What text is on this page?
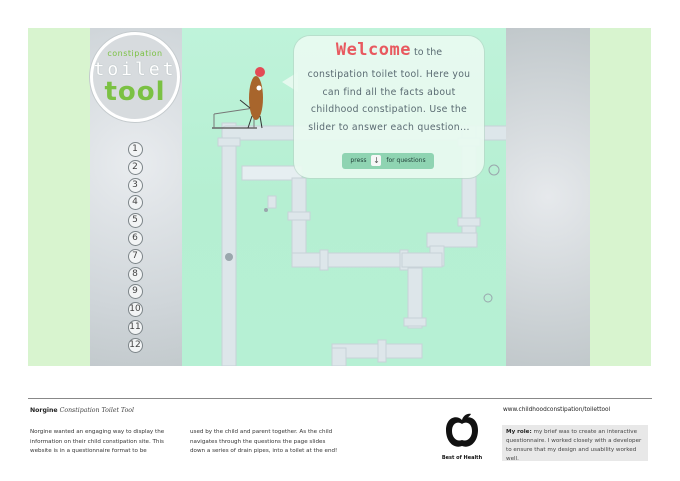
Welcome to the
constipation toilet tool. Here you can find all the facts about childhood constipation. Use the slider to answer each question...
press ↓ for questions
constipation
toilet
tool
1
2
3
4
5
6
7
8
9
10
11
12
Norgine Constipation Toilet Tool
Norgine wanted an engaging way to display the information on their child constipation site. This website is in a questionnaire format to be
used by the child and parent together. As the child navigates through the questions the page slides down a series of drain pipes, into a toilet at the end!
Best of Health
www.childhoodconstipation/toilettool
My role: my brief was to create an interactive questionnaire. I worked closely with a developer to ensure that my design and usability worked well.
